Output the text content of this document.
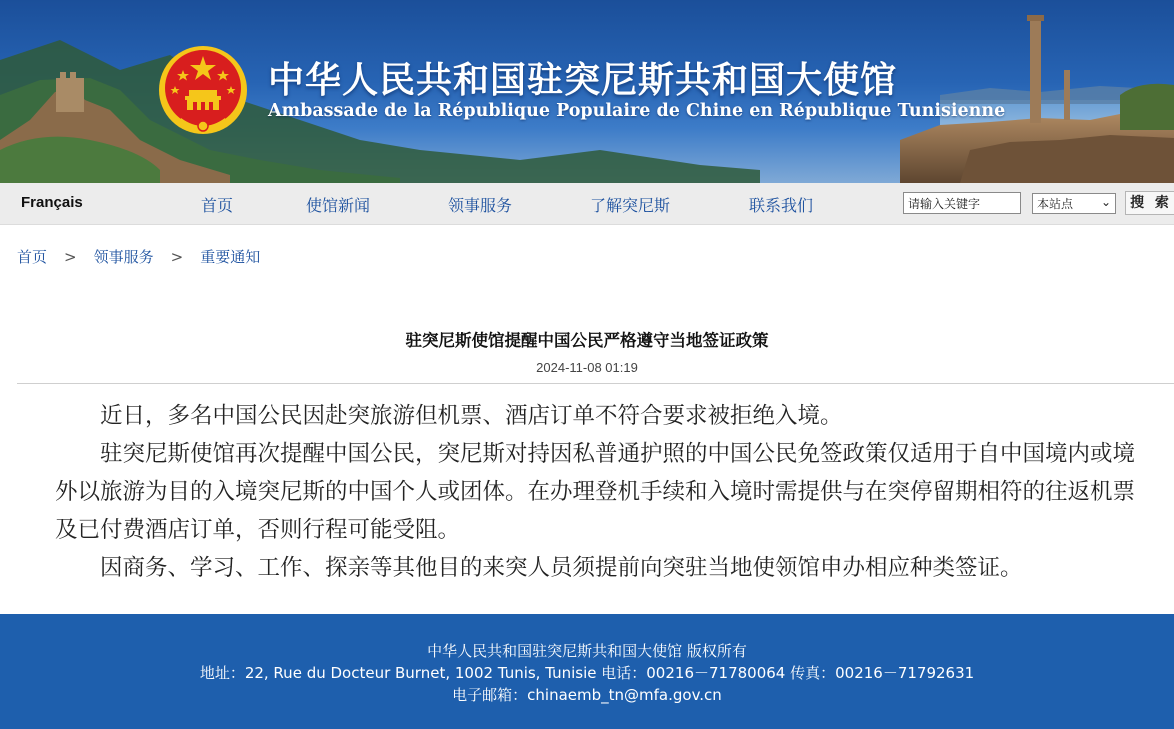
中华人民共和国驻突尼斯共和国大使馆
Ambassade de la République Populaire de Chine en République Tunisienne
Français	首页	使馆新闻	领事服务	了解突尼斯	联系我们	请输入关键字	本站点 ⌄	搜 索
首页 > 领事服务 > 重要通知
驻突尼斯使馆提醒中国公民严格遵守当地签证政策
2024-11-08 01:19

近日，多名中国公民因赴突旅游但机票、酒店订单不符合要求被拒绝入境。

驻突尼斯使馆再次提醒中国公民，突尼斯对持因私普通护照的中国公民免签政策仅适用于自中国境内或境外以旅游为目的入境突尼斯的中国个人或团体。在办理登机手续和入境时需提供与在突停留期相符的往返机票及已付费酒店订单，否则行程可能受阻。

因商务、学习、工作、探亲等其他目的来突人员须提前向突驻当地使领馆申办相应种类签证。

中华人民共和国驻突尼斯共和国大使馆 版权所有
地址：22, Rue du Docteur Burnet, 1002 Tunis, Tunisie 电话：00216－71780064 传真：00216－71792631
电子邮箱：chinaemb_tn@mfa.gov.cn
